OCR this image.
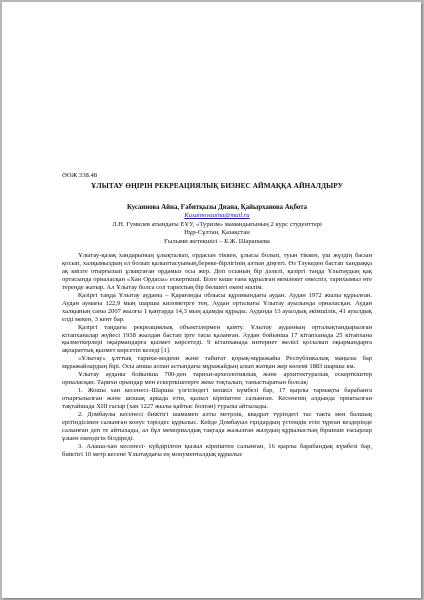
ӘОЖ 338.48

ҰЛЫТАУ ӨҢІРІН РЕКРЕАЦИЯЛЫҚ БИЗНЕС АЙМАҚҚА АЙНАЛДЫРУ

Кусаинова Айна, Ғабитқызы Диана, Қайырханова Ақбота
Kusainovaaina@mail.ru
Л.Н. Гумилев атындағы ЕҰУ, «Туризм» мамандығының 2 курс студенттері
Нұр-Сұлтан, Қазақстан
Ғылыми жетекшісі – Б.Ж. Шарапаева

Ұлытау-қазақ хандарының ұлықталып, ордасын тіккен, ұлысы болып, туын тіккен, үш жүздің басын қосып, халқымыздың ел болып қалыптасуының,береке-бірлігінің алтын діңгегі. Өз Тәукеден бастап хандыққа ақ киізге отырғызып ұлықтаған ордамыз осы жер. Доп осының бір дәлелі, қазіргі таңда Ұлытаудың қақ ортасында орналасқан «Хан Ордасы» ескерткіші. Бізге кеше ғана құрылған мемлекет емеспіз, тарихымыз өте тереңде жатыр. Ал Ұлытау болса сол тарихтың бір бөлшегі екені мәлім.

Қазіргі таңда Ұлытау ауданы – Қарағанды облысы құрамындағы аудан. Аудан 1972 жылы құрылған. Аудан аумағы 122,9 мың шаршы километрге тең. Аудан орталығы Ұлытау ауылында орналасқан. Аудан халқының саны 2007 жылғы 1 қаңтарда 14,3 мың адамды құрады. Ауданда 13 ауылдық әкімшілік, 41 ауылдық елді мекен, 3 кент бар.

Қазіргі таңдағы рекреациялық объектілермен қамту. Ұлытау ауданның орталықтандырылған кітапханалар жүйесі 1938 жылдан бастап ірге тасы қаланған. Аудан бойынша 17 кітапханада 25 кітапхана қызметкерлері оқырмандарға қызмет көрсетеді. 9 кітапханада интернет желісі қосылып оқырмандарға ақпараттық қызмет көрсетіп келеді [1].

«Ұлытау» ұлттық тарихи-мәдени және табиғат қорық-мұражайы Республикалық маңызы бар мұражайлардың бірі. Осы аншы аспан астындағы мұражайдың алып жатқан жер көлемі 1883 шаршы км.

Ұлытау ауданы бойынша 700-ден тарихи-археологиялық және архитектуралық ескерткіштер орналасқан. Тарихи орындар мен ескерткіштерге жеке тоқталып, таныстыратын болсақ:

1. Жошы хан кесенесі–Шаршы үлгісіндегі кешкіл күмбезі бар, 17 қырлы тармақты барабанға отырғызылған және шошақ аркада етін, қызыл кірпіштен салынған. Кесененің алдында орнатылған тақтайшада XIII ғасыр (хан 1227 жылы қайтыс болған) туралы айтылады.

2. Домбаулы кесенесі биіктігі шамамен алты метрлік, квадрат түріндегі тас такта мен балшық ерітіндісімен салынған конус тәріздес құрылыс. Кейде Домбауыл ғұндардың үстемдік етіп тұрған кездерінде салынған деп те айтылады, ал бұл мемориалдық тақтада жазылған жазудың құрылыстың біршеше ғасырлар ұзыен екендігін білдіреді.

3. Алаша-хан кесенесі- күйдірілген қызыл кірпіштен салынған, 16 қырлы барабандық күмбезі бар, биіктігі 10 метр кесене Ұлытаудағы ең монументалдық құрылыс
